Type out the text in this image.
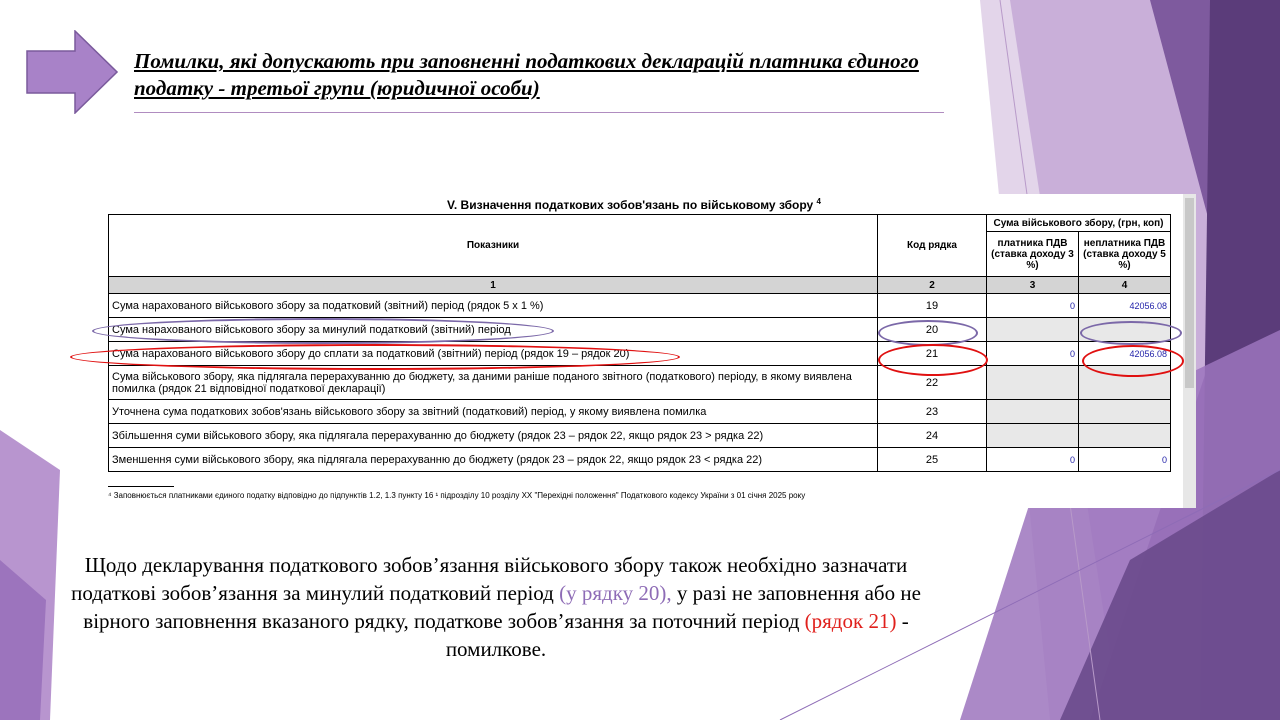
Помилки, які допускають при заповненні податкових декларацій платника єдиного податку - третьої групи (юридичної особи)
V. Визначення податкових зобов'язань по військовому збору $^4$
Показники	Код рядка	Сума військового збору, (грн, коп)	
		платника ПДВ (ставка доходу 3 %)	неплатника ПДВ (ставка доходу 5 %)
1	2	3	4
Сума нарахованого військового збору за податковий (звітний) період (рядок 5 х 1 %)	19	0	42056.08
Сума нарахованого військового збору за минулий податковий (звітний) період	20		
Сума нарахованого військового збору до сплати за податковий (звітний) період (рядок 19 – рядок 20)	21	0	42056.08
Сума військового збору, яка підлягала перерахуванню до бюджету, за даними раніше поданого звітного (податкового) періоду, в якому виявлена помилка (рядок 21 відповідної податкової декларації)	22		
Уточнена сума податкових зобов'язань військового збору за звітний (податковий) період, у якому виявлена помилка	23		
Збільшення суми військового збору, яка підлягала перерахуванню до бюджету (рядок 23 – рядок 22, якщо рядок 23 > рядка 22)	24		
Зменшення суми військового збору, яка підлягала перерахуванню до бюджету (рядок 23 – рядок 22, якщо рядок 23 < рядка 22)	25	0	0
⁴ Заповнюється платниками єдиного податку відповідно до підпунктів 1.2, 1.3 пункту 16 ¹ підрозділу 10 розділу XX "Перехідні положення" Податкового кодексу України з 01 січня 2025 року
Щодо декларування податкового зобов’язання військового збору також необхідно зазначати податкові зобов’язання за минулий податковий період (у рядку 20), у разі не заповнення або не вірного заповнення вказаного рядку, податкове зобов’язання за поточний період (рядок 21) - помилкове.
